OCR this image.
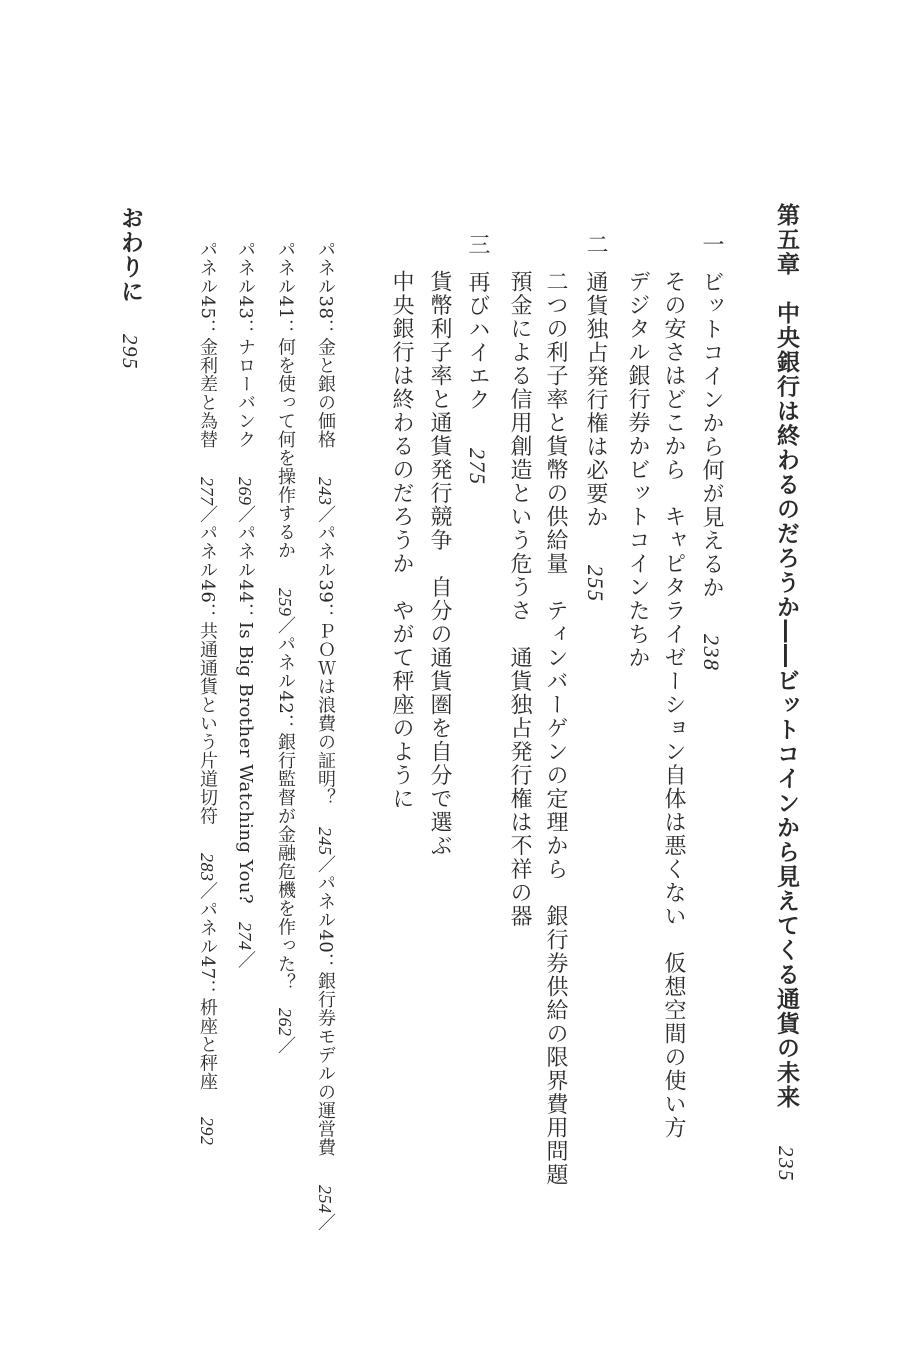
第五章　中央銀行は終わるのだろうか――ビットコインから見えてくる通貨の未来235
一ビットコインから何が見えるか238
その安さはどこから　キャピタライゼーション自体は悪くない　仮想空間の使い方
デジタル銀行券かビットコインたちか
二通貨独占発行権は必要か255
二つの利子率と貨幣の供給量　ティンバーゲンの定理から　銀行券供給の限界費用問題
預金による信用創造という危うさ　通貨独占発行権は不祥の器
三再びハイエク275
貨幣利子率と通貨発行競争　自分の通貨圏を自分で選ぶ
中央銀行は終わるのだろうか　やがて秤座のように
パネル38：金と銀の価格243／パネル39：ＰＯＷは浪費の証明？245／パネル40：銀行券モデルの運営費254／
パネル41：何を使って何を操作するか259／パネル42：銀行監督が金融危機を作った？262／
パネル43：ナローバンク269／パネル44：Is Big Brother Watching You?274／
パネル45：金利差と為替277／パネル46：共通通貨という片道切符283／パネル47：枡座と秤座292
おわりに295
